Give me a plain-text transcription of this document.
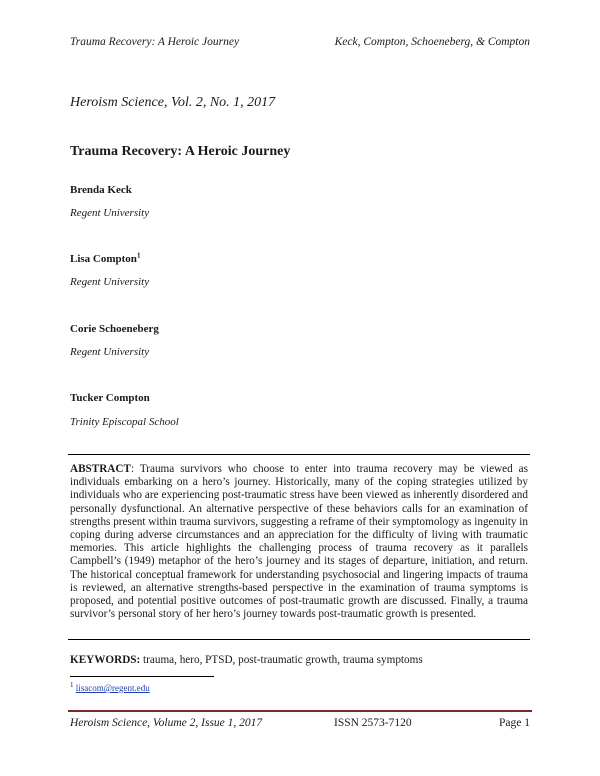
Trauma Recovery: A Heroic Journey	Keck, Compton, Schoeneberg, & Compton
Heroism Science, Vol. 2, No. 1, 2017
Trauma Recovery: A Heroic Journey
Brenda Keck
Regent University
Lisa Compton$^1$
Regent University
Corie Schoeneberg
Regent University
Tucker Compton
Trinity Episcopal School

ABSTRACT: Trauma survivors who choose to enter into trauma recovery may be viewed as individuals embarking on a hero’s journey. Historically, many of the coping strategies utilized by individuals who are experiencing post-traumatic stress have been viewed as inherently disordered and personally dysfunctional. An alternative perspective of these behaviors calls for an examination of strengths present within trauma survivors, suggesting a reframe of their symptomology as ingenuity in coping during adverse circumstances and an appreciation for the difficulty of living with traumatic memories. This article highlights the challenging process of trauma recovery as it parallels Campbell’s (1949) metaphor of the hero’s journey and its stages of departure, initiation, and return. The historical conceptual framework for understanding psychosocial and lingering impacts of trauma is reviewed, an alternative strengths-based perspective in the examination of trauma symptoms is proposed, and potential positive outcomes of post-traumatic growth are discussed. Finally, a trauma survivor’s personal story of her hero’s journey towards post-traumatic growth is presented.

KEYWORDS: trauma, hero, PTSD, post-traumatic growth, trauma symptoms
$^1$ lisacom@regent.edu
Heroism Science, Volume 2, Issue 1, 2017	ISSN 2573-7120	Page 1
